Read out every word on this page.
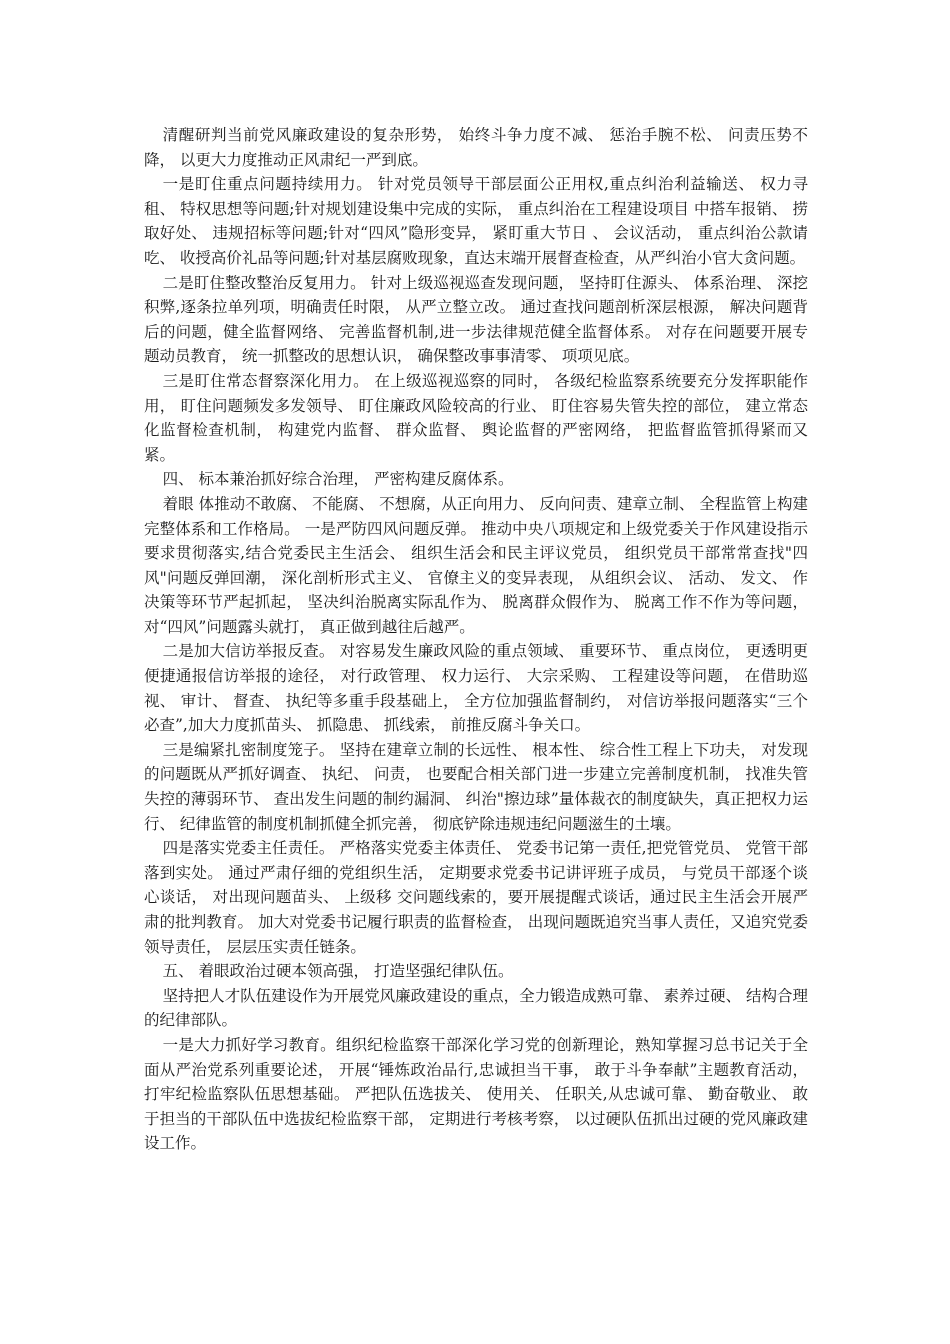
清醒研判当前党风廉政建设的复杂形势， 始终斗争力度不减、 惩治手腕不松、 问责压势不降， 以更大力度推动正风肃纪一严到底。

一是盯住重点问题持续用力。 针对党员领导干部层面公正用权,重点纠治利益输送、 权力寻租、 特权思想等问题;针对规划建设集中完成的实际， 重点纠治在工程建设项目 中搭车报销、 捞取好处、 违规招标等问题;针对“四风”隐形变异， 紧盯重大节日 、 会议活动， 重点纠治公款请吃、 收授高价礼品等问题;针对基层腐败现象，直达末端开展督查检查，从严纠治小官大贪问题。

二是盯住整改整治反复用力。 针对上级巡视巡查发现问题， 坚持盯住源头、 体系治理、 深挖积弊,逐条拉单列项，明确责任时限， 从严立整立改。 通过查找问题剖析深层根源， 解决问题背后的问题，健全监督网络、 完善监督机制,进一步法律规范健全监督体系。 对存在问题要开展专题动员教育， 统一抓整改的思想认识， 确保整改事事清零、 项项见底。

三是盯住常态督察深化用力。 在上级巡视巡察的同时， 各级纪检监察系统要充分发挥职能作用， 盯住问题频发多发领导、 盯住廉政风险较高的行业、 盯住容易失管失控的部位， 建立常态化监督检查机制， 构建党内监督、 群众监督、 舆论监督的严密网络， 把监督监管抓得紧而又紧。

四、 标本兼治抓好综合治理， 严密构建反腐体系。

着眼 体推动不敢腐、 不能腐、 不想腐，从正向用力、 反向问责、建章立制、 全程监管上构建完整体系和工作格局。 一是严防四风问题反弹。 推动中央八项规定和上级党委关于作风建设指示要求贯彻落实,结合党委民主生活会、 组织生活会和民主评议党员， 组织党员干部常常查找"四风"问题反弹回潮， 深化剖析形式主义、 官僚主义的变异表现， 从组织会议、 活动、 发文、 作决策等环节严起抓起， 坚决纠治脱离实际乱作为、 脱离群众假作为、 脱离工作不作为等问题， 对“四风”问题露头就打， 真正做到越往后越严。

二是加大信访举报反查。 对容易发生廉政风险的重点领域、 重要环节、 重点岗位， 更透明更便捷通报信访举报的途径， 对行政管理、 权力运行、 大宗采购、 工程建设等问题， 在借助巡视、 审计、 督查、 执纪等多重手段基础上， 全方位加强监督制约， 对信访举报问题落实“三个必查”,加大力度抓苗头、 抓隐患、 抓线索， 前推反腐斗争关口。

三是编紧扎密制度笼子。 坚持在建章立制的长远性、 根本性、 综合性工程上下功夫， 对发现的问题既从严抓好调查、 执纪、 问责， 也要配合相关部门进一步建立完善制度机制， 找准失管失控的薄弱环节、 查出发生问题的制约漏洞、 纠治"擦边球”量体裁衣的制度缺失，真正把权力运行、 纪律监管的制度机制抓健全抓完善， 彻底铲除违规违纪问题滋生的土壤。

四是落实党委主任责任。 严格落实党委主体责任、 党委书记第一责任,把党管党员、 党管干部落到实处。 通过严肃仔细的党组织生活， 定期要求党委书记讲评班子成员， 与党员干部逐个谈心谈话， 对出现问题苗头、 上级移 交问题线索的，要开展提醒式谈话，通过民主生活会开展严肃的批判教育。 加大对党委书记履行职责的监督检查， 出现问题既追究当事人责任，又追究党委领导责任， 层层压实责任链条。

五、 着眼政治过硬本领高强， 打造坚强纪律队伍。

坚持把人才队伍建设作为开展党风廉政建设的重点，全力锻造成熟可靠、 素养过硬、 结构合理的纪律部队。

一是大力抓好学习教育。组织纪检监察干部深化学习党的创新理论，熟知掌握习总书记关于全面从严治党系列重要论述， 开展“锤炼政治品行,忠诚担当干事， 敢于斗争奉献”主题教育活动，打牢纪检监察队伍思想基础。 严把队伍选拔关、 使用关、 任职关,从忠诚可靠、 勤奋敬业、 敢于担当的干部队伍中选拔纪检监察干部， 定期进行考核考察， 以过硬队伍抓出过硬的党风廉政建设工作。
